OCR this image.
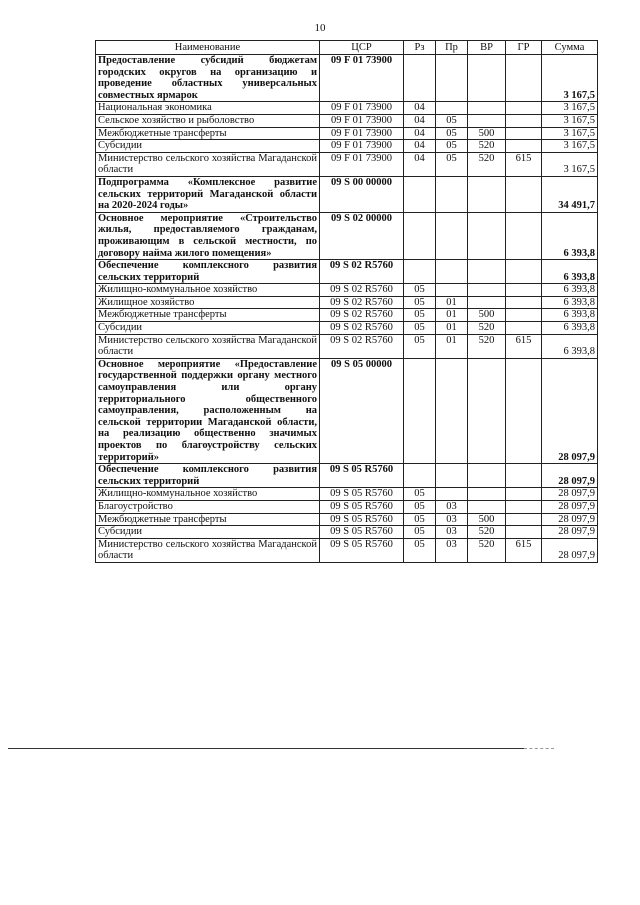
10
Наименование	ЦСР	Рз	Пр	ВР	ГР	Сумма
Предоставление субсидий бюджетам городских округов на организацию и проведение областных универсальных совместных ярмарок	09 F 01 73900					3 167,5
Национальная экономика	09 F 01 73900	04				3 167,5
Сельское хозяйство и рыболовство	09 F 01 73900	04	05			3 167,5
Межбюджетные трансферты	09 F 01 73900	04	05	500		3 167,5
Субсидии	09 F 01 73900	04	05	520		3 167,5
Министерство сельского хозяйства Магаданской области	09 F 01 73900	04	05	520	615	3 167,5
Подпрограмма «Комплексное развитие сельских территорий Магаданской области на 2020-2024 годы»	09 S 00 00000					34 491,7
Основное мероприятие «Строительство жилья, предоставляемого гражданам, проживающим в сельской местности, по договору найма жилого помещения»	09 S 02 00000					6 393,8
Обеспечение комплексного развития сельских территорий	09 S 02 R5760					6 393,8
Жилищно-коммунальное хозяйство	09 S 02 R5760	05				6 393,8
Жилищное хозяйство	09 S 02 R5760	05	01			6 393,8
Межбюджетные трансферты	09 S 02 R5760	05	01	500		6 393,8
Субсидии	09 S 02 R5760	05	01	520		6 393,8
Министерство сельского хозяйства Магаданской области	09 S 02 R5760	05	01	520	615	6 393,8
Основное мероприятие «Предоставление государственной поддержки органу местного самоуправления или органу территориального общественного самоуправления, расположенным на сельской территории Магаданской области, на реализацию общественно значимых проектов по благоустройству сельских территорий»	09 S 05 00000					28 097,9
Обеспечение комплексного развития сельских территорий	09 S 05 R5760					28 097,9
Жилищно-коммунальное хозяйство	09 S 05 R5760	05				28 097,9
Благоустройство	09 S 05 R5760	05	03			28 097,9
Межбюджетные трансферты	09 S 05 R5760	05	03	500		28 097,9
Субсидии	09 S 05 R5760	05	03	520		28 097,9
Министерство сельского хозяйства Магаданской области	09 S 05 R5760	05	03	520	615	28 097,9
